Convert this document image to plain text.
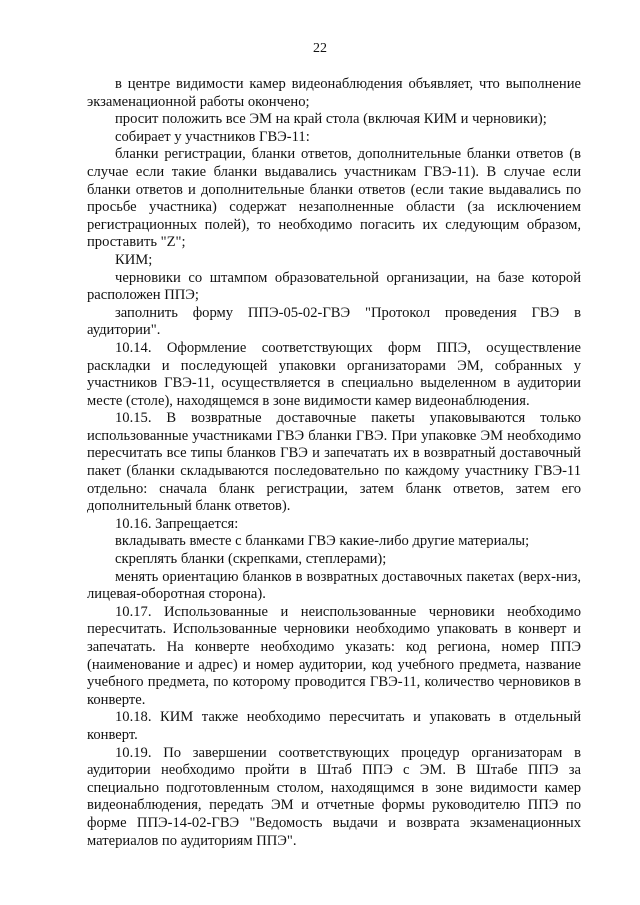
22

в центре видимости камер видеонаблюдения объявляет, что выполнение экзаменационной работы окончено;

просит положить все ЭМ на край стола (включая КИМ и черновики);

собирает у участников ГВЭ-11:

бланки регистрации, бланки ответов, дополнительные бланки ответов (в случае если такие бланки выдавались участникам ГВЭ-11). В случае если бланки ответов и дополнительные бланки ответов (если такие выдавались по просьбе участника) содержат незаполненные области (за исключением регистрационных полей), то необходимо погасить их следующим образом, проставить "Z";

КИМ;

черновики со штампом образовательной организации, на базе которой расположен ППЭ;

заполнить форму ППЭ-05-02-ГВЭ "Протокол проведения ГВЭ в аудитории".

10.14. Оформление соответствующих форм ППЭ, осуществление раскладки и последующей упаковки организаторами ЭМ, собранных у участников ГВЭ-11, осуществляется в специально выделенном в аудитории месте (столе), находящемся в зоне видимости камер видеонаблюдения.

10.15. В возвратные доставочные пакеты упаковываются только использованные участниками ГВЭ бланки ГВЭ. При упаковке ЭМ необходимо пересчитать все типы бланков ГВЭ и запечатать их в возвратный доставочный пакет (бланки складываются последовательно по каждому участнику ГВЭ-11 отдельно: сначала бланк регистрации, затем бланк ответов, затем его дополнительный бланк ответов).

10.16. Запрещается:

вкладывать вместе с бланками ГВЭ какие-либо другие материалы;

скреплять бланки (скрепками, степлерами);

менять ориентацию бланков в возвратных доставочных пакетах (верх-низ, лицевая-оборотная сторона).

10.17. Использованные и неиспользованные черновики необходимо пересчитать. Использованные черновики необходимо упаковать в конверт и запечатать. На конверте необходимо указать: код региона, номер ППЭ (наименование и адрес) и номер аудитории, код учебного предмета, название учебного предмета, по которому проводится ГВЭ-11, количество черновиков в конверте.

10.18. КИМ также необходимо пересчитать и упаковать в отдельный конверт.

10.19. По завершении соответствующих процедур организаторам в аудитории необходимо пройти в Штаб ППЭ с ЭМ. В Штабе ППЭ за специально подготовленным столом, находящимся в зоне видимости камер видеонаблюдения, передать ЭМ и отчетные формы руководителю ППЭ по форме ППЭ-14-02-ГВЭ "Ведомость выдачи и возврата экзаменационных материалов по аудиториям ППЭ".
